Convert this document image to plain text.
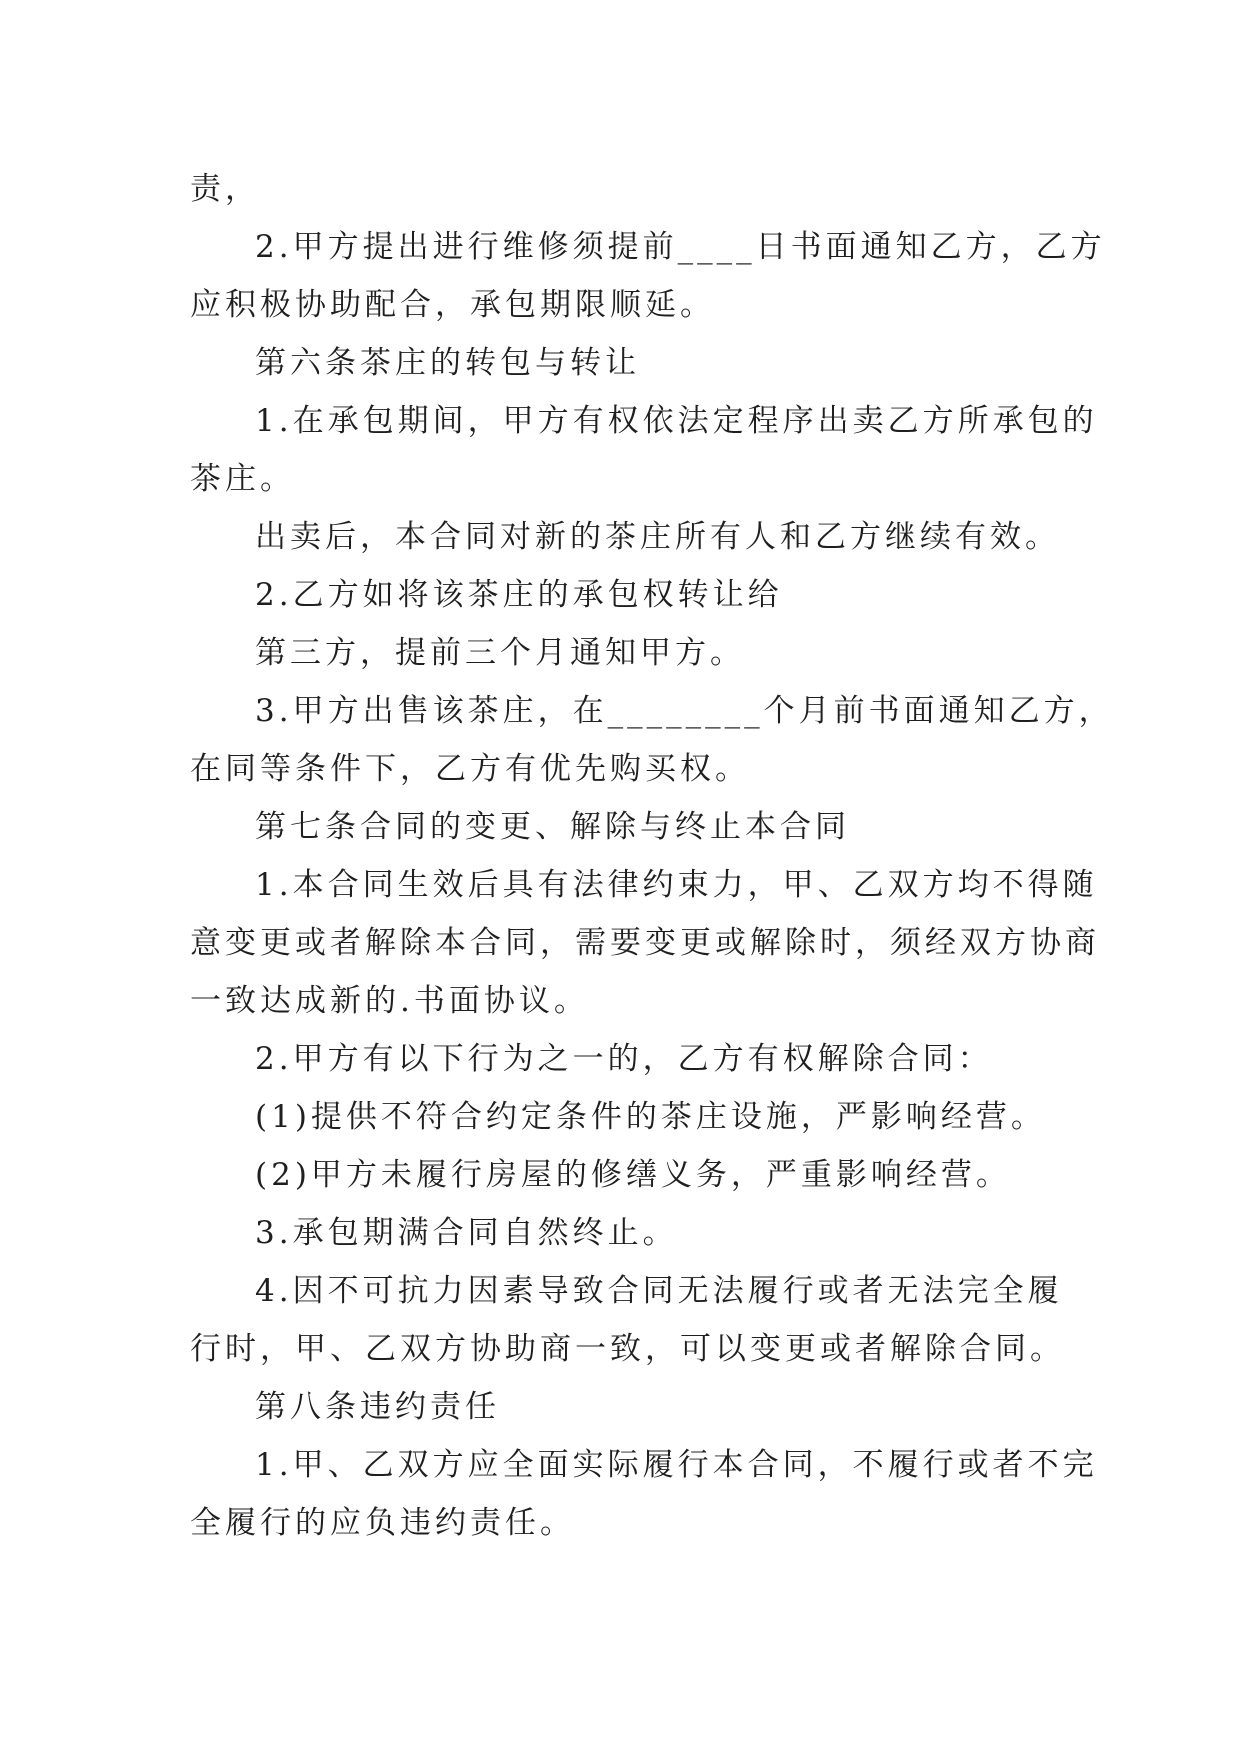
责，

2.甲方提出进行维修须提前____日书面通知乙方，乙方

应积极协助配合，承包期限顺延。

第六条茶庄的转包与转让

1.在承包期间，甲方有权依法定程序出卖乙方所承包的

茶庄。

出卖后，本合同对新的茶庄所有人和乙方继续有效。

2.乙方如将该茶庄的承包权转让给

第三方，提前三个月通知甲方。

3.甲方出售该茶庄，在________个月前书面通知乙方，

在同等条件下，乙方有优先购买权。

第七条合同的变更、解除与终止本合同

1.本合同生效后具有法律约束力，甲、乙双方均不得随

意变更或者解除本合同，需要变更或解除时，须经双方协商

一致达成新的.书面协议。

2.甲方有以下行为之一的，乙方有权解除合同：

(1)提供不符合约定条件的茶庄设施，严影响经营。

(2)甲方未履行房屋的修缮义务，严重影响经营。

3.承包期满合同自然终止。

4.因不可抗力因素导致合同无法履行或者无法完全履

行时，甲、乙双方协助商一致，可以变更或者解除合同。

第八条违约责任

1.甲、乙双方应全面实际履行本合同，不履行或者不完

全履行的应负违约责任。
